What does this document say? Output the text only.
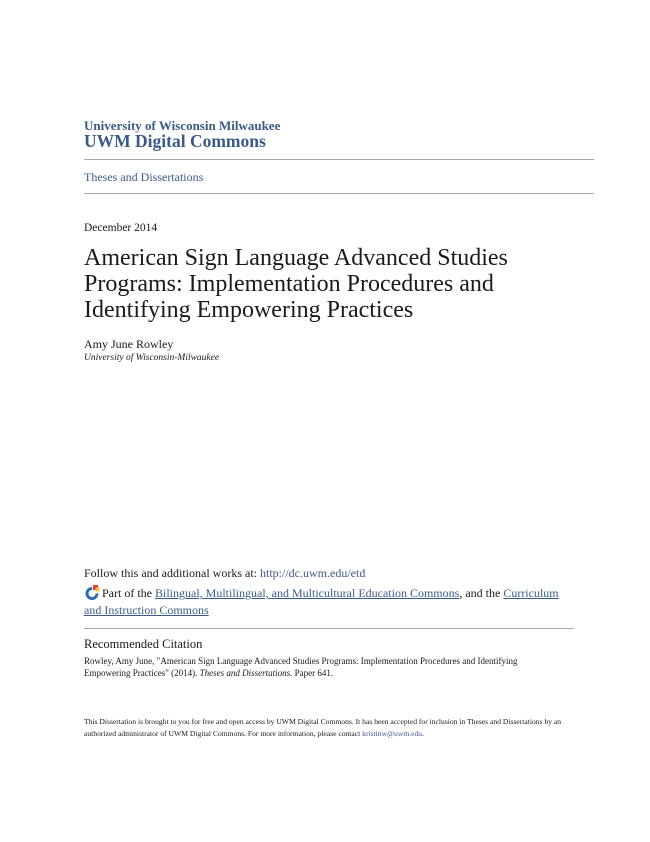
University of Wisconsin Milwaukee
UWM Digital Commons
Theses and Dissertations
December 2014
American Sign Language Advanced Studies Programs: Implementation Procedures and Identifying Empowering Practices
Amy June Rowley
University of Wisconsin-Milwaukee
Follow this and additional works at: http://dc.uwm.edu/etd
Part of the Bilingual, Multilingual, and Multicultural Education Commons, and the Curriculum and Instruction Commons
Recommended Citation
Rowley, Amy June, "American Sign Language Advanced Studies Programs: Implementation Procedures and Identifying Empowering Practices" (2014). Theses and Dissertations. Paper 641.
This Dissertation is brought to you for free and open access by UWM Digital Commons. It has been accepted for inclusion in Theses and Dissertations by an authorized administrator of UWM Digital Commons. For more information, please contact kristinw@uwm.edu.
